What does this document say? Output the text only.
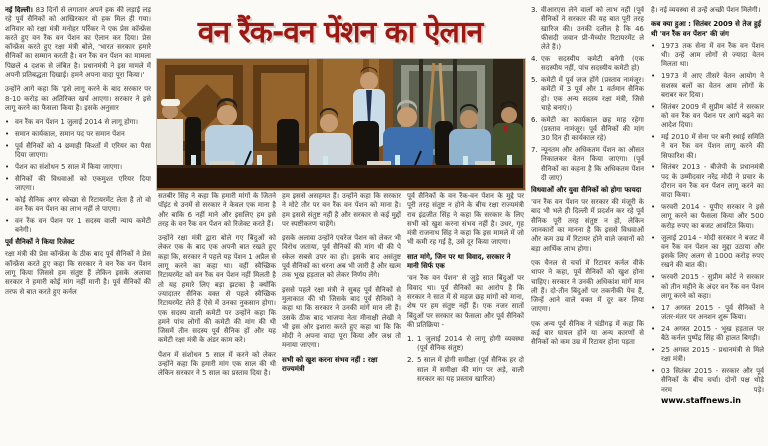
नई दिल्ली। 83 दिनों से लगातार अपने हक की लड़ाई लड़ रहे पूर्व सैनिकों को आखिरकार वो हक मिल ही गया। शनिवार को रक्षा मंत्री मनोहर पर्रिकर ने एक प्रेस कॉन्फ्रेंस करते हुए वन रैंक वन पेंशन का ऐलान कर दिया। प्रेस कॉन्फ्रेंस करते हुए रक्षा मंत्री बोले, 'भारत सरकार हमारे सैनिकों का सम्मान करती है। वन रैंक वन पेंशन का मामला पिछले 4 दशक से लंबित है। प्रधानमंत्री ने इस मामले में अपनी प्रतिबद्धता दिखाई। हमने अपना वादा पूरा किया।'
उन्होंने आगे कहा कि 'इसे लागू करने के बाद सरकार पर 8-10 करोड़ का अतिरिक्त खर्च आएगा। सरकार ने इसे लागू करने का फैसला किया है। इसके अनुसार
• वन रैंक वन पेंशन 1 जुलाई 2014 से लागू होगा।
• समान कार्यकाल, समान पद पर समान पेंशन
• पूर्व सैनिकों को 4 छमाही किश्तों में एरियर का पैसा दिया जाएगा।
• पेंशन का संशोधन 5 साल में किया जाएगा।
• सैनिकों की विधवाओं को एकमुश्त एरियर दिया जाएगा।
• कोई सैनिक अगर स्वेच्छा से रिटायरमेंट लेता है तो वो वन रैंक वन पेंशन का लाभ नहीं ले पाएगा।
• वन रैंक वन पेंशन पर 1 सदस्य वाली न्याय कमेटी बनेगी।
पूर्व सैनिकों ने किया रिजेक्ट
रक्षा मंत्री की प्रेस कॉन्फ्रेंस के ठीक बाद पूर्व सैनिकों ने प्रेस कॉन्फ्रेंस करते हुए कहा कि सरकार ने वन रैंक वन पेंशन लागू किया जिससे हम संतुष्ट हैं लेकिन इसके अलावा सरकार ने हमारी कोई मांग नहीं मानी है। पूर्व सैनिकों की तरफ से बात करते हुए कर्नल
वन रैंक-वन पेंशन का ऐलान
सतबीर सिंह ने कहा कि हमारी मांगों के जितने पॉइंट थे उनमें से सरकार ने केवल एक माना है और बाकि 6 नहीं माने और इसलिए हम इसे तरह के वन रैंक वन पेंशन को रिजेक्ट करते हैं।
उन्होंने रक्षा मंत्री द्वारा बोले गए बिंदुओं को लेकर एक के बाद एक अपनी बात रखते हुए कहा कि, सरकार ने पहले यह पेंशन 1 अप्रैल से लागू करने का कहा था। वहीं स्वैच्छिक रिटायरमेंट को वन रैंक वन पेंशन नहीं मिलती है तो यह हमारे लिए बड़ा झटका है क्योंकि ज्यादातर सैनिक वक्त से पहले स्वैच्छिक रिटायरमेंट लेते हैं ऐसे में उनका नुकसान होगा। एक सदस्य वाली कमेटी पर उन्होंने कहा कि हमने पांच लोगों की कमेटी की मांग की थी जिसमें तीन सदस्य पूर्व सैनिक हों और यह कमेटी रक्षा मंत्री के अंडर काम करे।
पेंशन में संशोधन 5 साल में करने को लेकर उन्होंने कहा कि हमारी मांग एक साल की थी लेकिन सरकार ने 5 साल का प्रस्ताव दिया है।
हम इससे असहमत हैं। उन्होंने कहा कि सरकार ने मोटे तौर पर वन रैंक वन पेंशन को माना है। हम इससे संतुष्ट नहीं है और सरकार से कई मुद्दों पर स्पष्टीकरण चाहेंगे।
इसके अलावा उन्होंने एवरेज पेंशन को लेकर भी विरोध जताया, पूर्व सैनिकों की मांग थी की पे स्केल सबसे उपर का हो। इसके बाद असंतुष्ट पूर्व सैनिकों का धरना अब भी जारी है और खत्म तक भूख हड़ताल को लेकर निर्णय लेंगे।
इससे पहले रक्षा मंत्री ने सुबह पूर्व सैनिकों से मुलाकात की थी जिसके बाद पूर्व सैनिकों ने कहा था कि सरकार ने उनकी मांगें मान ली हैं। उसके ठीक बाद भाजपा नेता मीनाक्षी लेखी ने भी इस ओर इशारा करते हुए कहा था कि कि मोदी ने अपना वादा पूरा किया और जश्न तो मनाया जाएगा।
सभी को खुश करना संभव नहीं : रक्षा राज्यमंत्री
पूर्व सैनिकों के वन रैंक-वन पेंशन के मुद्दे पर पूरी तरह संतुष्ट न होने के बीच रक्षा राज्यमंत्री राव इंद्रजीत सिंह ने कहा कि सरकार के लिए सभी को खुश करना संभव नहीं है। उधर, गृह मंत्री राजनाथ सिंह ने कहा कि इस मामले में जो भी कमी रह गई है, उसे दूर किया जाएगा।
सात मांगे, जिन पर था विवाद, सरकार ने मानी सिर्फ एक
'वन रैंक वन पेंशन' से जुड़े सात बिंदुओं पर विवाद था। पूर्व सैनिकों का आरोप है कि सरकार ने सात में से महज छह मांगों को माना, शेष पर हम संतुष्ट नहीं हैं। एक नजर सातों बिंदुओं पर सरकार का फैसला और पूर्व सैनिकों की प्रतिक्रिया -
1. 1 जुलाई 2014 से लागू होगी व्यवस्था (पूर्व सैनिक संतुष्ट)
2. 5 साल में होगी समीक्षा (पूर्व सैनिक हर दो साल में समीक्षा की मांग पर अड़े, वाली सरकार का यह प्रस्ताव खारिज)
3. वीआरएस लेने वालों को लाभ नहीं (पूर्व सैनिकों ने सरकार की यह बात पूरी तरह खारिज की। उनकी दलील है कि 46 फीसदी जवान प्री-मैच्योर रिटायरमेंट ले लेते हैं।)
4. एक सदस्यीय कमेटी बनेगी (एक सदस्यीय नहीं, पांच सदस्यीय कमेटी हो)
5. कमेटी में पूर्व जज होंगे (प्रस्ताव नामंजूर। कमेटी में 3 पूर्व और 1 वर्तमान सैनिक हो। एक अन्य सदस्य रक्षा मंत्री, जिसे चाहे बनाएं।)
6. कमेटी का कार्यकाल छह माह रहेगा (प्रस्ताव नामंजूर। पूर्व सैनिकों की मांग 30 दिन ही कार्यकाल रहे)
7. न्यूनतम और अधिकतम पेंशन का औसत निकालकर वेतन किया जाएगा। (पूर्व सैनिकों का कहना है कि अधिकतम पेंशन दी जाए)
विधवाओं और युवा सैनिकों को होगा फायदा
'वन रैंक वन पेंशन पर सरकार की मंजूरी के बाद भी भले ही दिल्ली में प्रदर्शन कर रहे पूर्व सैनिक पूरी तरह संतुष्ट न हो, लेकिन जानकारों का मानना है कि इससे विधवाओं और कम उम्र में रिटायर होने वाले जवानों को बड़ा आर्थिक लाभ होगा।
एक चैनल से चर्चा में रिटायर कर्नल वीके थापर ने कहा, पूर्व सैनिकों को खुश होना चाहिए। सरकार ने उनकी अधिकांश मांगें मान ली हैं। दो-तीन बिंदुओं पर तकनीकी पेच हैं, जिन्हें आने वाले वक्त में दूर कर लिया जाएगा।
एक अन्य पूर्व सैनिक ने चंडीगढ़ में कहा कि कई बार घायल होने या अन्य कारणों से सैनिकों को कम उम्र में रिटायर होना पड़ता
है। नई व्यवस्था से उन्हें अच्छी पेंशन मिलेगी।
कब क्या हुआ : सितंबर 2009 से तेज हुई थी 'वन रैंक वन पेंशन' की जंग
• 1973 तक सेना में वन रैंक वन पेंशन थी। उन्हें आम लोगों से ज्यादा वेतन मिलता था।
• 1973 में आए तीसरे वेतन आयोग ने सशस्त्र बलों का वेतन आम लोगों के बराबर कर दिया।
• सितंबर 2009 में सुप्रीम कोर्ट ने सरकार को वन रैंक वन पेंशन पर आगे बढ़ने का आदेश दिया।
• मई 2010 में सेना पर बनी स्थाई समिति ने वन रैंक वन पेंशन लागू करने की सिफारिश की।
• सितंबर 2013 - बीजेपी के प्रधानमंत्री पद के उम्मीदवार नरेंद्र मोदी ने प्रचार के दौरान वन रैंक वन पेंशन लागू करने का वादा किया।
• फरवरी 2014 - यूपीए सरकार ने इसे लागू करने का फैसला किया और 500 करोड़ रुपए का बजट आवंटित किया।
• जुलाई 2014 - मोदी सरकार ने बजट में वन रैंक वन पेंशन का मुद्दा उठाया और इसके लिए अलग से 1000 करोड़ रुपए रखने की बात की।
• फरवरी 2015 - सुप्रीम कोर्ट ने सरकार को तीन महीने के अंदर वन रैंक वन पेंशन लागू करने को कहा।
• 17 अगस्त 2015 - पूर्व सैनिकों ने जंतर-मंतर पर अनशन शुरू किया।
• 24 अगस्त 2015 - भूख हड़ताल पर बैठे कर्नल पुष्पेंद्र सिंह की हालत बिगड़ी।
• 25 अगस्त 2015 - प्रधानमंत्री से मिले रक्षा मंत्री।
• 03 सितंबर 2015 - सरकार और पूर्व सैनिकों के बीच चर्चा। दोनों पक्ष थोड़े नरम पड़े। www.staffnews.in
